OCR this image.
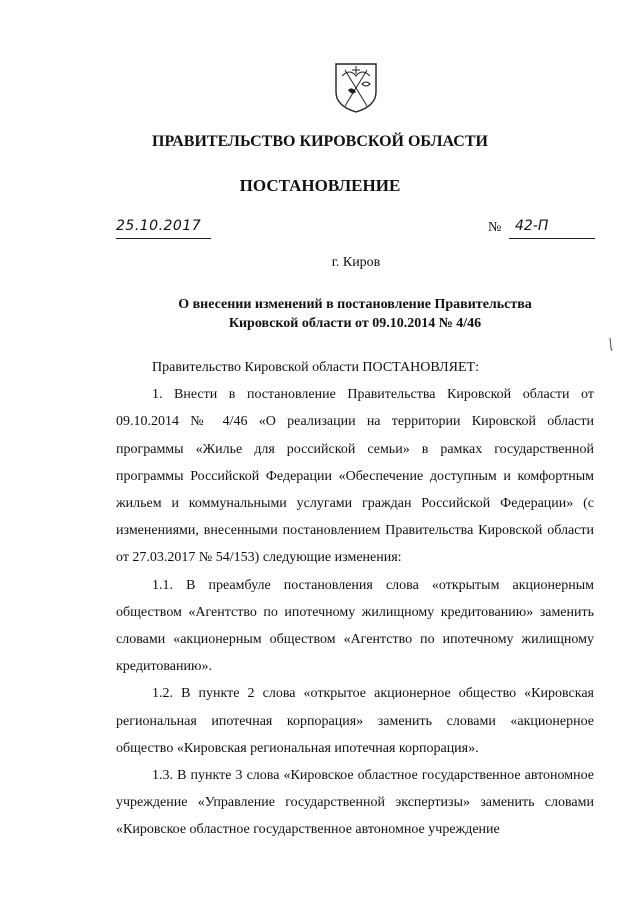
ПРАВИТЕЛЬСТВО КИРОВСКОЙ ОБЛАСТИ
ПОСТАНОВЛЕНИЕ
25.10.2017	№ 42-П
г. Киров
О внесении изменений в постановление Правительства
Кировской области от 09.10.2014 № 4/46

Правительство Кировской области ПОСТАНОВЛЯЕТ:

1. Внести в постановление Правительства Кировской области от 09.10.2014 № 4/46 «О реализации на территории Кировской области программы «Жилье для российской семьи» в рамках государственной программы Российской Федерации «Обеспечение доступным и комфортным жильем и коммунальными услугами граждан Российской Федерации» (с изменениями, внесенными постановлением Правительства Кировской области от 27.03.2017 № 54/153) следующие изменения:

1.1. В преамбуле постановления слова «открытым акционерным обществом «Агентство по ипотечному жилищному кредитованию» заменить словами «акционерным обществом «Агентство по ипотечному жилищному кредитованию».

1.2. В пункте 2 слова «открытое акционерное общество «Кировская региональная ипотечная корпорация» заменить словами «акционерное общество «Кировская региональная ипотечная корпорация».

1.3. В пункте 3 слова «Кировское областное государственное автономное учреждение «Управление государственной экспертизы» заменить словами «Кировское областное государственное автономное учреждение
